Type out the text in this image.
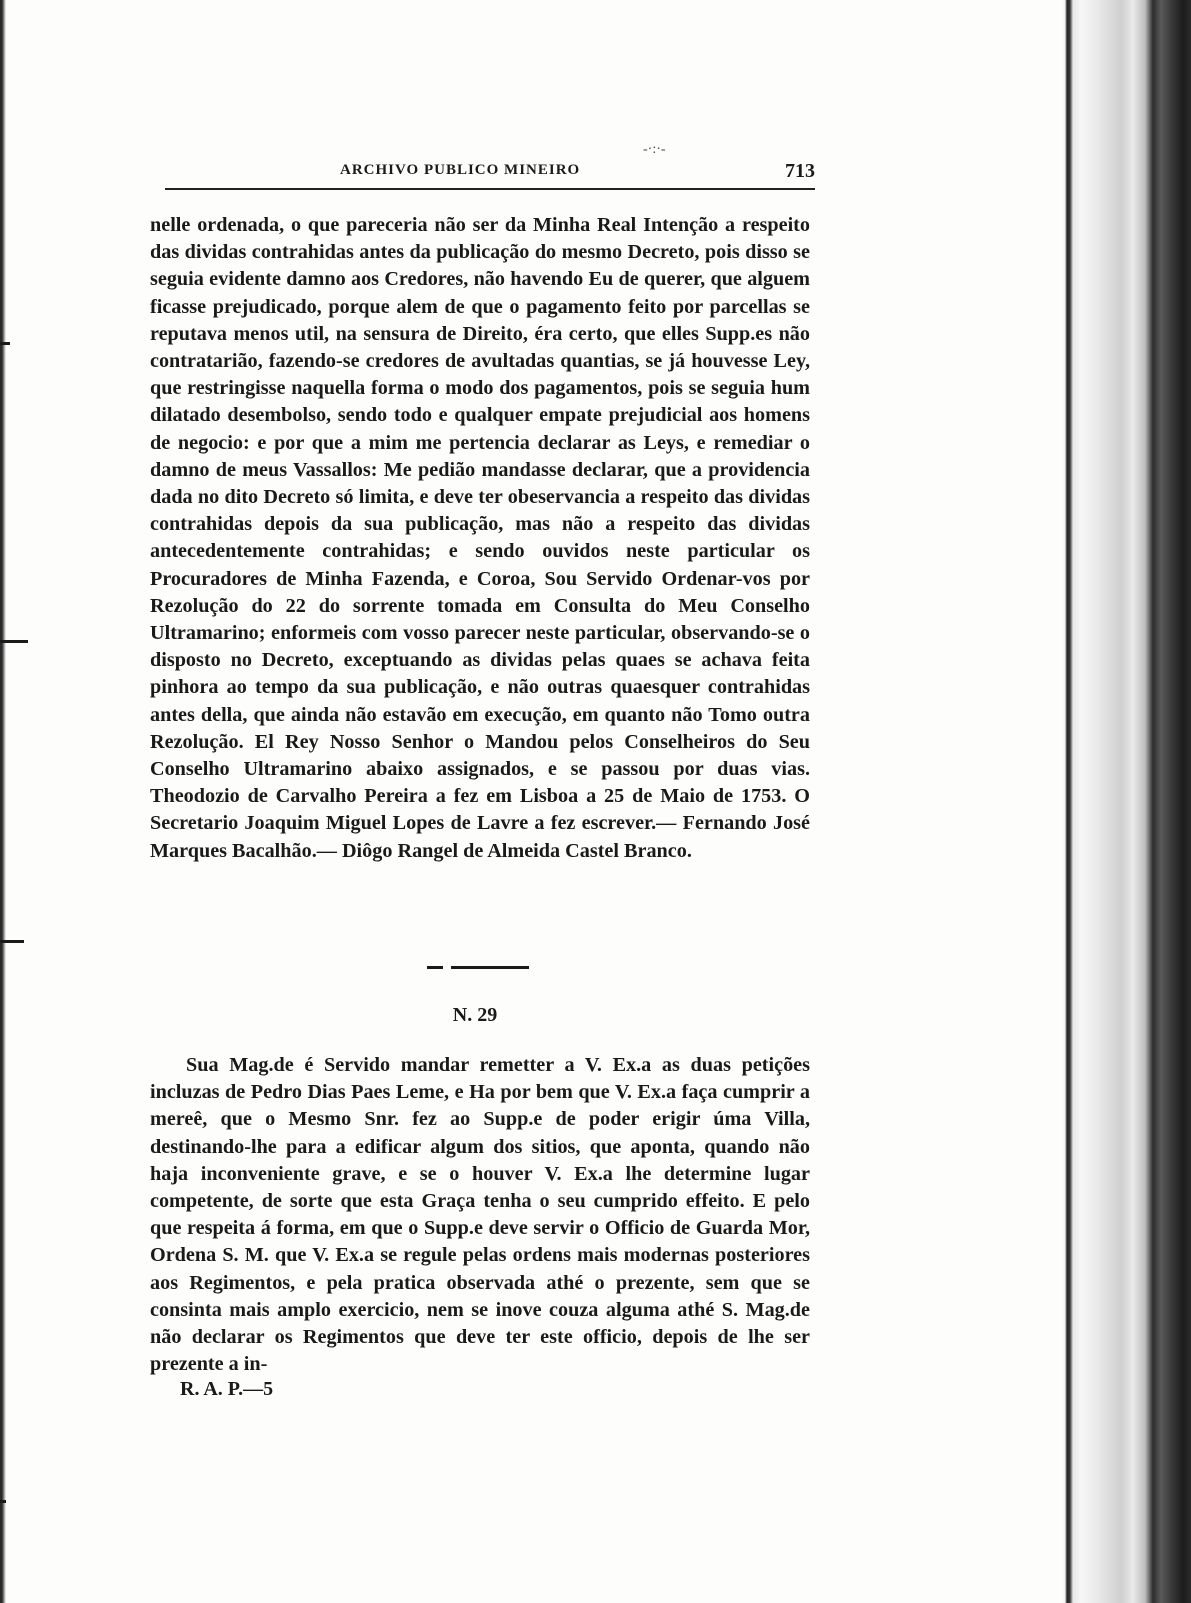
-·:·-
ARCHIVO PUBLICO MINEIRO	713

nelle ordenada, o que pareceria não ser da Minha Real Intenção a respeito das dividas contrahidas antes da publicação do mesmo Decreto, pois disso se seguia evidente damno aos Credores, não havendo Eu de querer, que alguem ficasse prejudicado, porque alem de que o pagamento feito por parcellas se reputava menos util, na sensura de Direito, éra certo, que elles Supp.es não contratarião, fazendo-se credores de avultadas quantias, se já houvesse Ley, que restringisse naquella forma o modo dos pagamentos, pois se seguia hum dilatado desembolso, sendo todo e qualquer empate prejudicial aos homens de negocio: e por que a mim me pertencia declarar as Leys, e remediar o damno de meus Vassallos: Me pedião mandasse declarar, que a providencia dada no dito Decreto só limita, e deve ter obeservancia a respeito das dividas contrahidas depois da sua publicação, mas não a respeito das dividas antecedentemente contrahidas; e sendo ouvidos neste particular os Procuradores de Minha Fazenda, e Coroa, Sou Servido Ordenar-vos por Rezolução do 22 do sorrente tomada em Consulta do Meu Conselho Ultramarino; enformeis com vosso parecer neste particular, observando-se o disposto no Decreto, exceptuando as dividas pelas quaes se achava feita pinhora ao tempo da sua publicação, e não outras quaesquer contrahidas antes della, que ainda não estavão em execução, em quanto não Tomo outra Rezolução. El Rey Nosso Senhor o Mandou pelos Conselheiros do Seu Conselho Ultramarino abaixo assignados, e se passou por duas vias. Theodozio de Carvalho Pereira a fez em Lisboa a 25 de Maio de 1753. O Secretario Joaquim Miguel Lopes de Lavre a fez escrever.— Fernando José Marques Bacalhão.— Diôgo Rangel de Almeida Castel Branco.

N. 29

Sua Mag.de é Servido mandar remetter a V. Ex.a as duas petições incluzas de Pedro Dias Paes Leme, e Ha por bem que V. Ex.a faça cumprir a mereê, que o Mesmo Snr. fez ao Supp.e de poder erigir úma Villa, destinando-lhe para a edificar algum dos sitios, que aponta, quando não haja inconveniente grave, e se o houver V. Ex.a lhe determine lugar competente, de sorte que esta Graça tenha o seu cumprido effeito. E pelo que respeita á forma, em que o Supp.e deve servir o Officio de Guarda Mor, Ordena S. M. que V. Ex.a se regule pelas ordens mais modernas posteriores aos Regimentos, e pela pratica observada athé o prezente, sem que se consinta mais amplo exercicio, nem se inove couza alguma athé S. Mag.de não declarar os Regimentos que deve ter este officio, depois de lhe ser prezente a in-

R. A. P.—5
